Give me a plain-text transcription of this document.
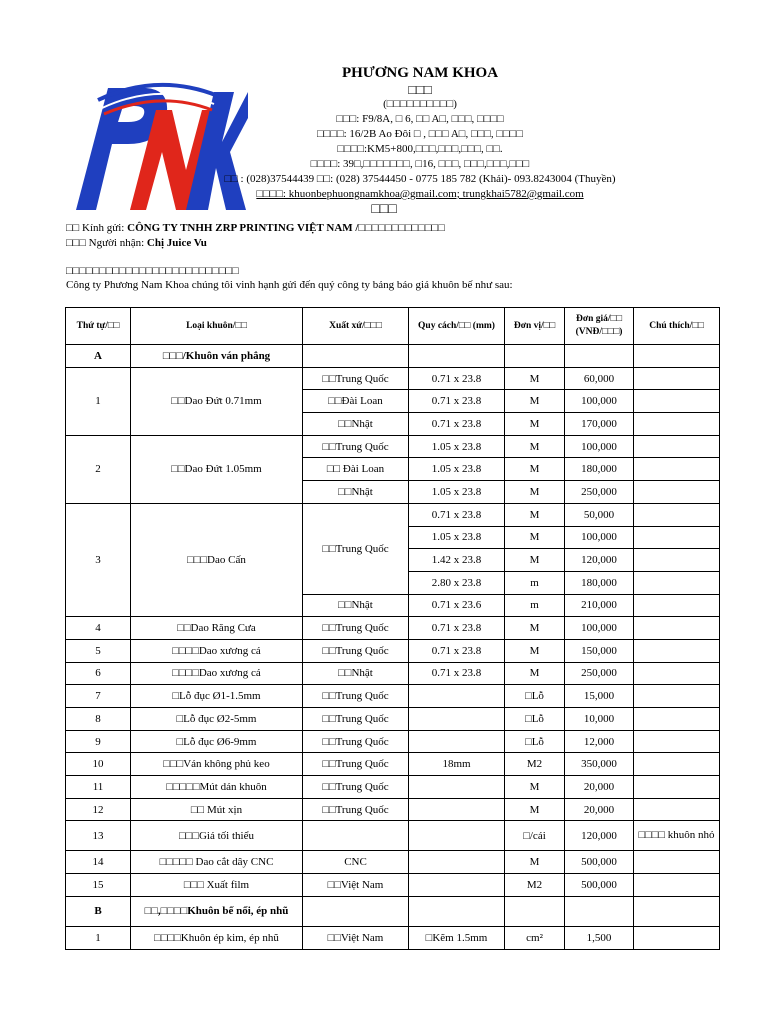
PHƯƠNG NAM KHOA
□□□
(□□□□□□□□□□)
□□□: F9/8A, □ 6, □□ A□, □□□, □□□□
□□□□: 16/2B Ao Đôi □ , □□□ A□, □□□, □□□□
□□□□:KM5+800,□□□,□□□,□□□, □□.
□□□□: 39□,□□□□□□□, □16, □□□, □□□,□□□,□□□
□□ : (028)37544439 □□: (028) 37544450 - 0775 185 782 (Khải)- 093.8243004 (Thuyền)
□□□□: khuonbephuongnamkhoa@gmail.com; trungkhai5782@gmail.com
□□□
□□ Kính gửi: CÔNG TY TNHH ZRP PRINTING VIỆT NAM /□□□□□□□□□□□□□
□□□ Người nhận: Chị Juice Vu
□□□□□□□□□□□□□□□□□□□□□□□□□□
Công ty Phương Nam Khoa chúng tôi vinh hạnh gửi đến quý công ty bảng báo giá khuôn bế như sau:
Thứ tự/□□	Loại khuôn/□□	Xuất xứ/□□□	Quy cách/□□ (mm)	Đơn vị/□□	Đơn giá/□□ (VNĐ/□□□)	Chú thích/□□
A	□□□/Khuôn ván phẳng					
1	□□Dao Đứt 0.71mm	□□Trung Quốc	0.71 x 23.8	M	60,000	
		□□Đài Loan	0.71 x 23.8	M	100,000	
		□□Nhật	0.71 x 23.8	M	170,000	
2	□□Dao Đứt 1.05mm	□□Trung Quốc	1.05 x 23.8	M	100,000	
		□□ Đài Loan	1.05 x 23.8	M	180,000	
		□□Nhật	1.05 x 23.8	M	250,000	
3	□□□Dao Cấn	□□Trung Quốc	0.71 x 23.8	M	50,000	
			1.05 x 23.8	M	100,000	
			1.42 x 23.8	M	120,000	
			2.80 x 23.8	m	180,000	
		□□Nhật	0.71 x 23.6	m	210,000	
4	□□Dao Răng Cưa	□□Trung Quốc	0.71 x 23.8	M	100,000	
5	□□□□Dao xương cá	□□Trung Quốc	0.71 x 23.8	M	150,000	
6	□□□□Dao xương cá	□□Nhật	0.71 x 23.8	M	250,000	
7	□Lỗ đục Ø1-1.5mm	□□Trung Quốc		□Lỗ	15,000	
8	□Lỗ đục Ø2-5mm	□□Trung Quốc		□Lỗ	10,000	
9	□Lỗ đục Ø6-9mm	□□Trung Quốc		□Lỗ	12,000	
10	□□□Ván không phủ keo	□□Trung Quốc	18mm	M2	350,000	
11	□□□□□Mút dán khuôn	□□Trung Quốc		M	20,000	
12	□□ Mút xịn	□□Trung Quốc		M	20,000	
13	□□□Giá tối thiểu			□/cái	120,000	□□□□ khuôn nhỏ
14	□□□□□ Dao cắt dây CNC	CNC		M	500,000	
15	□□□ Xuất film	□□Việt Nam		M2	500,000	
B	□□,□□□□Khuôn bế nổi, ép nhũ					
1	□□□□Khuôn ép kim, ép nhũ	□□Việt Nam	□Kẽm 1.5mm	cm²	1,500	
